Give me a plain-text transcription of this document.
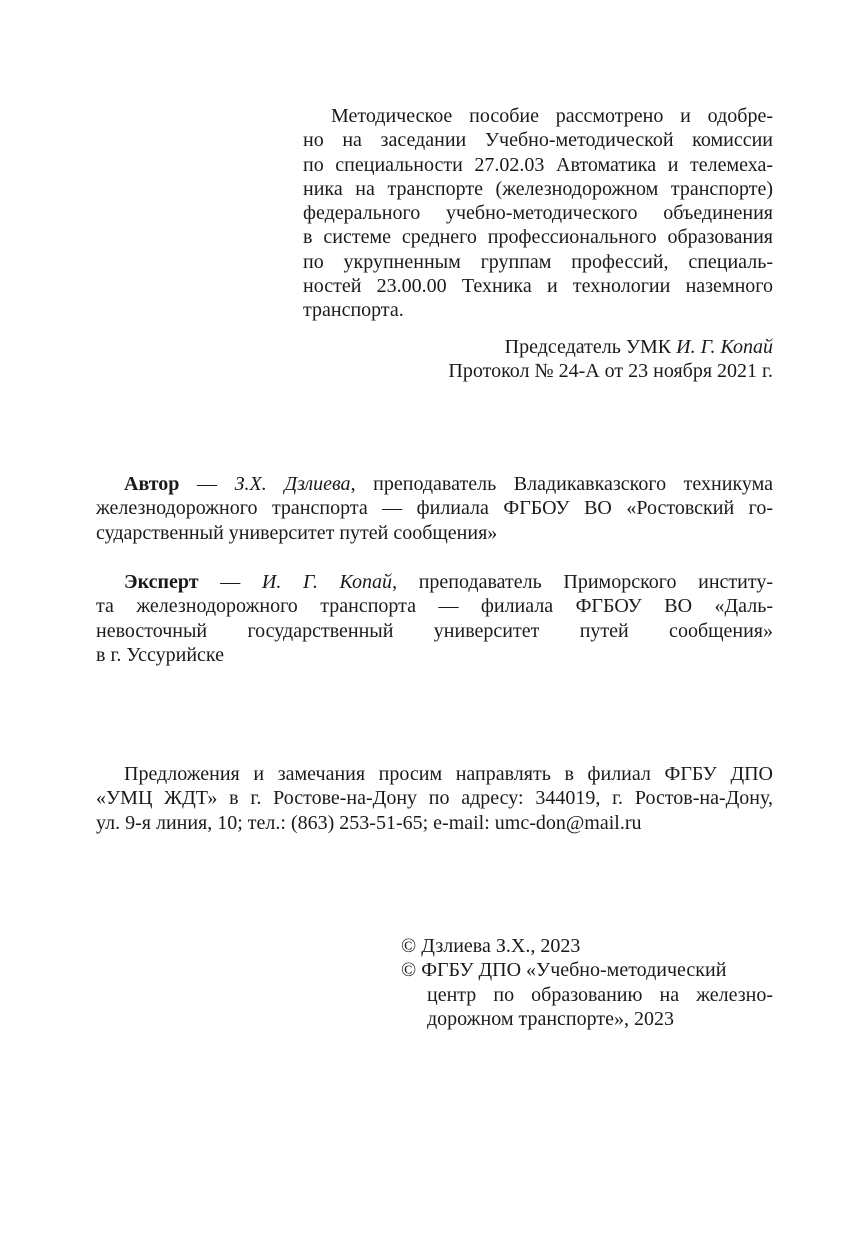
Методическое пособие рассмотрено и одобре-
но на заседании Учебно-методической комиссии
по специальности 27.02.03 Автоматика и телемеха-
ника на транспорте (железнодорожном транспорте)
федерального учебно-методического объединения
в системе среднего профессионального образования
по укрупненным группам профессий, специаль-
ностей 23.00.00 Техника и технологии наземного
транспорта.
Председатель УМК И. Г. Копай
Протокол № 24-А от 23 ноября 2021 г.
Автор — З.Х. Дзлиева, преподаватель Владикавказского техникума
железнодорожного транспорта — филиала ФГБОУ ВО «Ростовский го-
сударственный университет путей сообщения»
Эксперт — И. Г. Копай, преподаватель Приморского институ-
та железнодорожного транспорта — филиала ФГБОУ ВО «Даль-
невосточный государственный университет путей сообщения»
в г. Уссурийске
Предложения и замечания просим направлять в филиал ФГБУ ДПО
«УМЦ ЖДТ» в г. Ростове-на-Дону по адресу: 344019, г. Ростов-на-Дону,
ул. 9-я линия, 10; тел.: (863) 253-51-65; e-mail: umc-don@mail.ru
© Дзлиева З.Х., 2023
© ФГБУ ДПО «Учебно-методический
центр по образованию на железно-
дорожном транспорте», 2023
